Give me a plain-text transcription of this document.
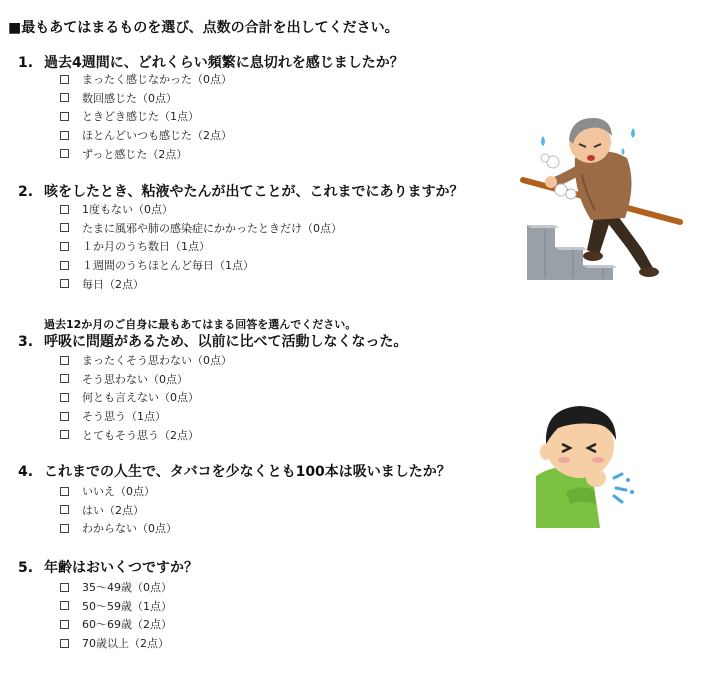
■最もあてはまるものを選び、点数の合計を出してください。
1. 過去4週間に、どれくらい頻繁に息切れを感じましたか？
まったく感じなかった（0点）
数回感じた（0点）
ときどき感じた（1点）
ほとんどいつも感じた（2点）
ずっと感じた（2点）
2. 咳をしたとき、粘液やたんが出てことが、これまでにありますか？
1度もない（0点）
たまに風邪や肺の感染症にかかったときだけ（0点）
１か月のうち数日（1点）
１週間のうちほとんど毎日（1点）
毎日（2点）
過去12か月のご自身に最もあてはまる回答を選んでください。
3. 呼吸に問題があるため、以前に比べて活動しなくなった。
まったくそう思わない（0点）
そう思わない（0点）
何とも言えない（0点）
そう思う（1点）
とてもそう思う（2点）
4. これまでの人生で、タバコを少なくとも100本は吸いましたか？
いいえ（0点）
はい（2点）
わからない（0点）
5. 年齢はおいくつですか？
35～49歳（0点）
50～59歳（1点）
60～69歳（2点）
70歳以上（2点）
